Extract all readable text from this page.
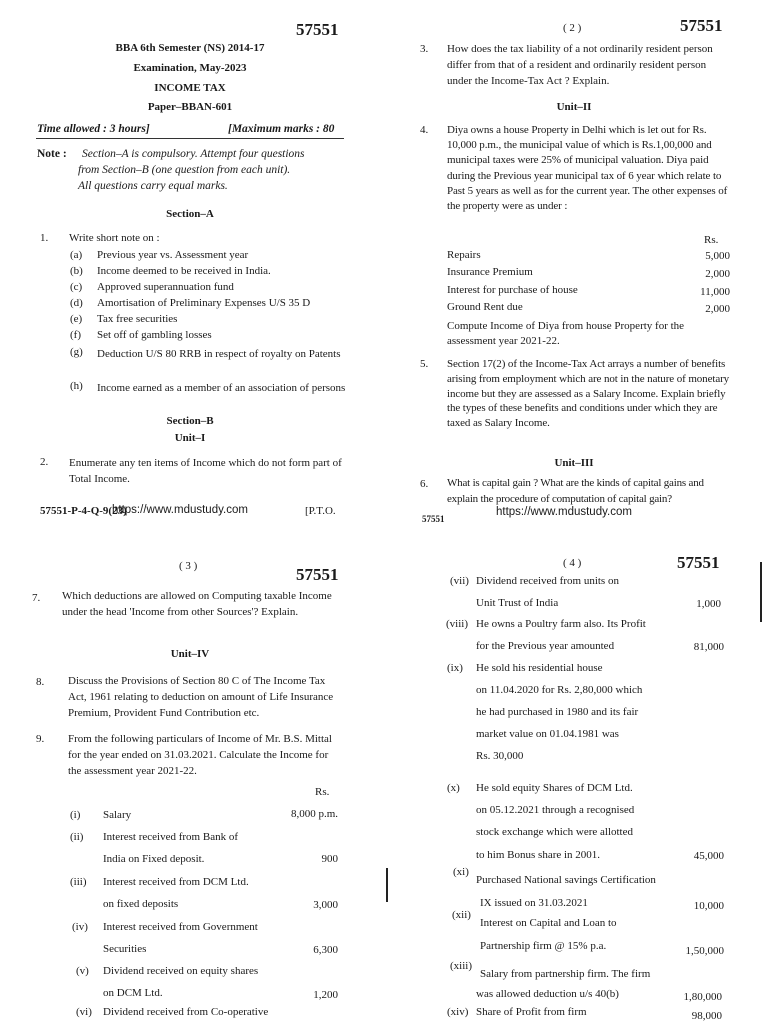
57551
BBA 6th Semester (NS) 2014-17
Examination, May-2023
INCOME TAX
Paper–BBAN-601
Time allowed : 3 hours]	[Maximum marks : 80
Note : Section–A is compulsory. Attempt four questions
from Section–B (one question from each unit).
All questions carry equal marks.
Section–A
1. Write short note on :
(a) Previous year vs. Assessment year
(b) Income deemed to be received in India.
(c) Approved superannuation fund
(d) Amortisation of Preliminary Expenses U/S 35 D
(e) Tax free securities
(f) Set off of gambling losses
(g) Deduction U/S 80 RRB in respect of royalty on Patents
(h) Income earned as a member of an association of persons
Section–B
Unit–I
2. Enumerate any ten items of Income which do not form part of Total Income.
57551-P-4-Q-9(23)
https://www.mdustudy.com	[P.T.O.
( 2 )	57551
3. How does the tax liability of a not ordinarily resident person differ from that of a resident and ordinarily resident person under the Income-Tax Act ? Explain.
Unit–II
4. Diya owns a house Property in Delhi which is let out for Rs. 10,000 p.m., the municipal value of which is Rs.1,00,000 and municipal taxes were 25% of municipal valuation. Diya paid during the Previous year municipal tax of 6 year which relate to Past 5 years as well as for the current year. The other expenses of the property were as under :
Rs.
Repairs	5,000
Insurance Premium	2,000
Interest for purchase of house	11,000
Ground Rent due	2,000
Compute Income of Diya from house Property for the assessment year 2021-22.
5. Section 17(2) of the Income-Tax Act arrays a number of benefits arising from employment which are not in the nature of monetary income but they are assessed as a Salary Income. Explain briefly the types of these benefits and conditions under which they are taxed as Salary Income.
Unit–III
6. What is capital gain ? What are the kinds of capital gains and explain the procedure of computation of capital gain?
57551
https://www.mdustudy.com
( 3 )	57551
7. Which deductions are allowed on Computing taxable Income under the head 'Income from other Sources'? Explain.
Unit–IV
8. Discuss the Provisions of Section 80 C of The Income Tax Act, 1961 relating to deduction on amount of Life Insurance Premium, Provident Fund Contribution etc.
9. From the following particulars of Income of Mr. B.S. Mittal for the year ended on 31.03.2021. Calculate the Income for the assessment year 2021-22.
Rs.
(i) Salary	8,000 p.m.
(ii) Interest received from Bank of
India on Fixed deposit.	900
(iii) Interest received from DCM Ltd.
on fixed deposits	3,000
(iv) Interest received from Government
Securities	6,300
(v) Dividend received on equity shares
on DCM Ltd.	1,200
(vi) Dividend received from Co-operative
( 4 )	57551
(vii) Dividend received from units on
Unit Trust of India	1,000
(viii) He owns a Poultry farm also. Its Profit
for the Previous year amounted	81,000
(ix) He sold his residential house
on 11.04.2020 for Rs. 2,80,000 which
he had purchased in 1980 and its fair
market value on 01.04.1981 was
Rs. 30,000
(x) He sold equity Shares of DCM Ltd.
on 05.12.2021 through a recognised
stock exchange which were allotted
to him Bonus share in 2001.	45,000
(xi)
Purchased National savings Certification
IX issued on 31.03.2021	10,000
(xii)
Interest on Capital and Loan to
Partnership firm @ 15% p.a.	1,50,000
(xiii)
Salary from partnership firm. The firm
was allowed deduction u/s 40(b)	1,80,000
(xiv) Share of Profit from firm	98,000
